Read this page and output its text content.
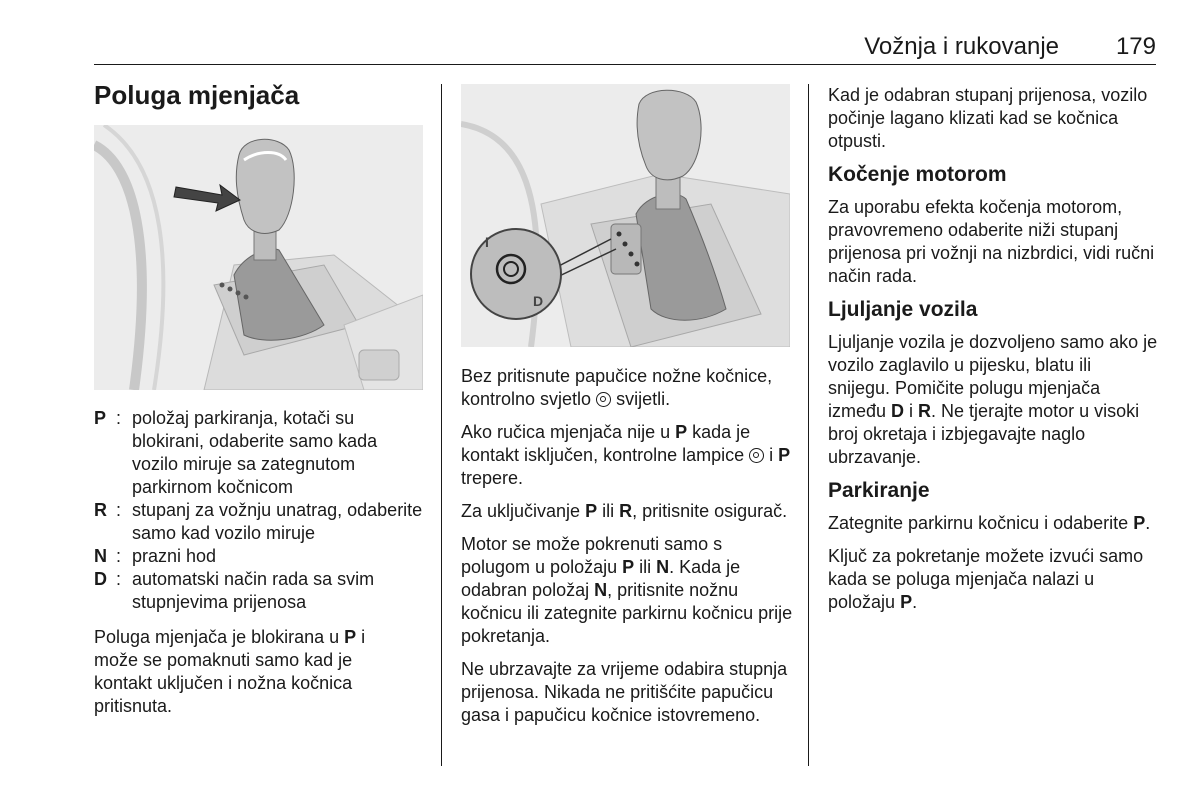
Vožnja i rukovanje 179
Poluga mjenjača
P : položaj parkiranja, kotači su blokirani, odaberite samo kada vozilo miruje sa zategnutom parkirnom kočnicom
R : stupanj za vožnju unatrag, odaberite samo kad vozilo miruje
N : prazni hod
D : automatski način rada sa svim stupnjevima prijenosa

Poluga mjenjača je blokirana u P i može se pomaknuti samo kad je kontakt uključen i nožna kočnica pritisnuta.

I
D

Bez pritisnute papučice nožne kočnice, kontrolno svjetlo  svijetli.

Ako ručica mjenjača nije u P kada je kontakt isključen, kontrolne lampice  i P trepere.

Za uključivanje P ili R, pritisnite osigurač.

Motor se može pokrenuti samo s polugom u položaju P ili N. Kada je odabran položaj N, pritisnite nožnu kočnicu ili zategnite parkirnu kočnicu prije pokretanja.

Ne ubrzavajte za vrijeme odabira stupnja prijenosa. Nikada ne pritišćite papučicu gasa i papučicu kočnice istovremeno.

Kad je odabran stupanj prijenosa, vozilo počinje lagano klizati kad se kočnica otpusti.

Kočenje motorom

Za uporabu efekta kočenja motorom, pravovremeno odaberite niži stupanj prijenosa pri vožnji na nizbrdici, vidi ručni način rada.

Ljuljanje vozila

Ljuljanje vozila je dozvoljeno samo ako je vozilo zaglavilo u pijesku, blatu ili snijegu. Pomičite polugu mjenjača između D i R. Ne tjerajte motor u visoki broj okretaja i izbjegavajte naglo ubrzavanje.

Parkiranje

Zategnite parkirnu kočnicu i odaberite P.

Ključ za pokretanje možete izvući samo kada se poluga mjenjača nalazi u položaju P.
